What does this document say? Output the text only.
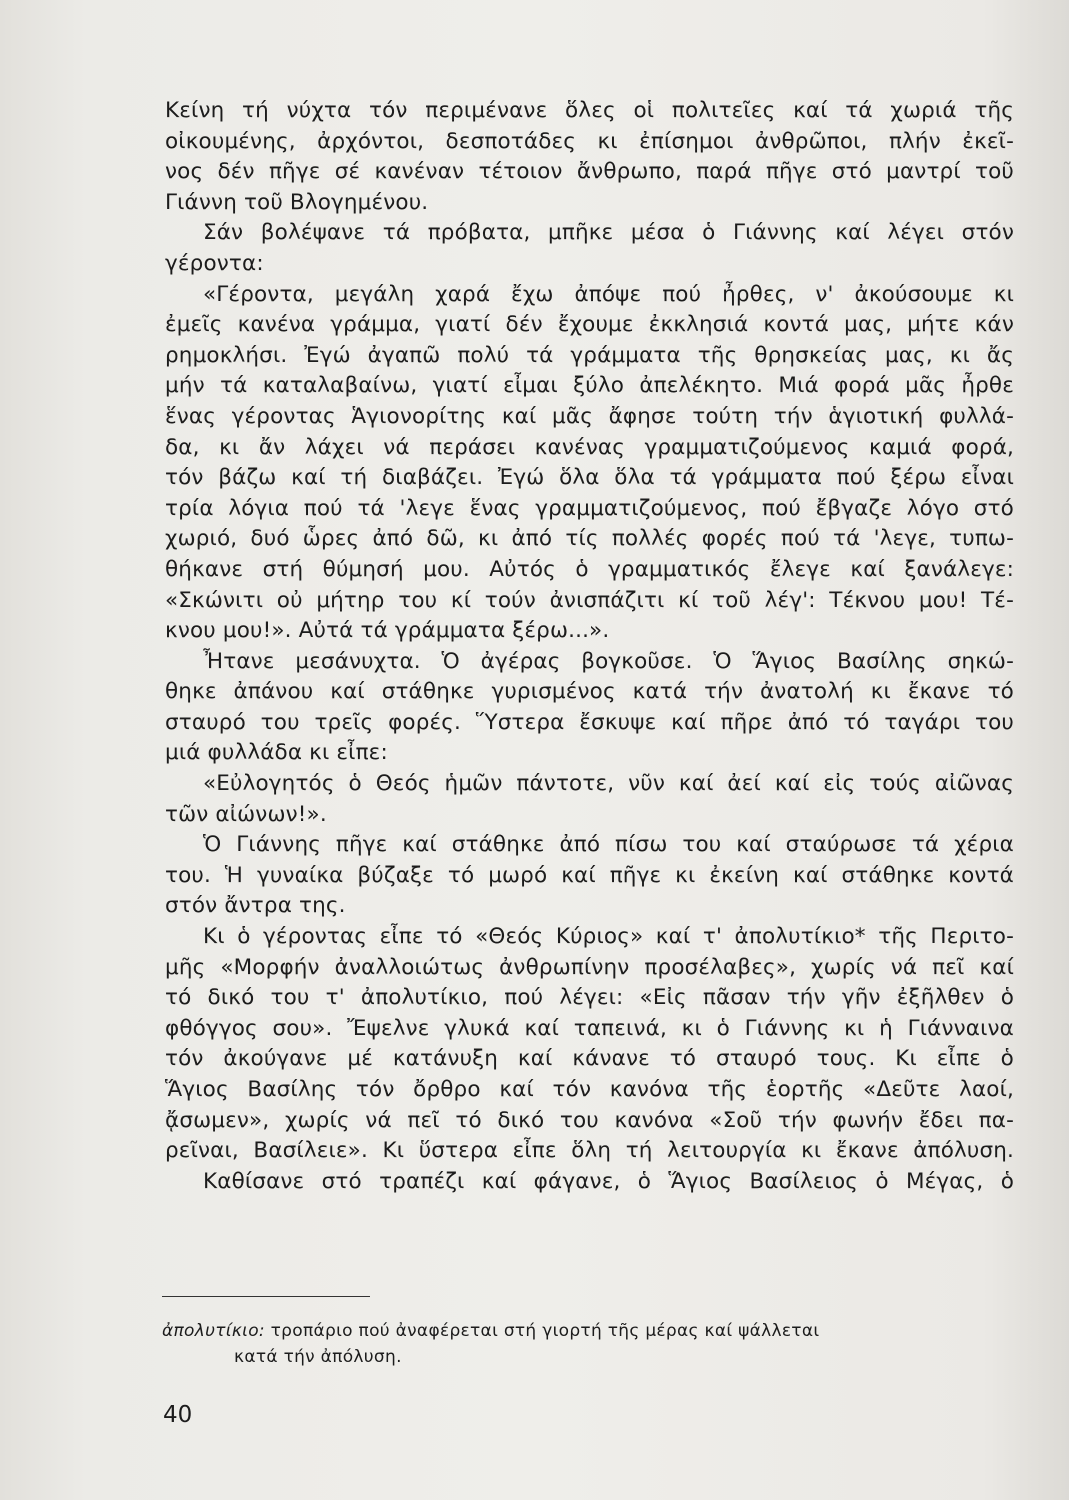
Κείνη τή νύχτα τόν περιμένανε ὅλες οἱ πολιτεῖες καί τά χωριά τῆς
οἰκουμένης, ἀρχόντοι, δεσποτάδες κι ἐπίσημοι ἀνθρῶποι, πλήν ἐκεῖ-
νος δέν πῆγε σέ κανέναν τέτοιον ἄνθρωπο, παρά πῆγε στό μαντρί τοῦ
Γιάννη τοῦ Βλογημένου.
Σάν βολέψανε τά πρόβατα, μπῆκε μέσα ὁ Γιάννης καί λέγει στόν
γέροντα:
«Γέροντα, μεγάλη χαρά ἔχω ἀπόψε πού ἦρθες, ν' ἀκούσουμε κι
ἐμεῖς κανένα γράμμα, γιατί δέν ἔχουμε ἐκκλησιά κοντά μας, μήτε κάν
ρημοκλήσι. Ἐγώ ἀγαπῶ πολύ τά γράμματα τῆς θρησκείας μας, κι ἄς
μήν τά καταλαβαίνω, γιατί εἶμαι ξύλο ἀπελέκητο. Μιά φορά μᾶς ἦρθε
ἕνας γέροντας Ἁγιονορίτης καί μᾶς ἄφησε τούτη τήν ἁγιοτική φυλλά-
δα, κι ἄν λάχει νά περάσει κανένας γραμματιζούμενος καμιά φορά,
τόν βάζω καί τή διαβάζει. Ἐγώ ὅλα ὅλα τά γράμματα πού ξέρω εἶναι
τρία λόγια πού τά 'λεγε ἕνας γραμματιζούμενος, πού ἔβγαζε λόγο στό
χωριό, δυό ὧρες ἀπό δῶ, κι ἀπό τίς πολλές φορές πού τά 'λεγε, τυπω-
θήκανε στή θύμησή μου. Αὐτός ὁ γραμματικός ἔλεγε καί ξανάλεγε:
«Σκώνιτι οὐ μήτηρ του κί τούν ἀνισπάζιτι κί τοῦ λέγ': Τέκνου μου! Τέ-
κνου μου!». Αὐτά τά γράμματα ξέρω...».
Ἦτανε μεσάνυχτα. Ὁ ἀγέρας βογκοῦσε. Ὁ Ἅγιος Βασίλης σηκώ-
θηκε ἀπάνου καί στάθηκε γυρισμένος κατά τήν ἀνατολή κι ἔκανε τό
σταυρό του τρεῖς φορές. Ὕστερα ἔσκυψε καί πῆρε ἀπό τό ταγάρι του
μιά φυλλάδα κι εἶπε:
«Εὐλογητός ὁ Θεός ἡμῶν πάντοτε, νῦν καί ἀεί καί εἰς τούς αἰῶνας
τῶν αἰώνων!».
Ὁ Γιάννης πῆγε καί στάθηκε ἀπό πίσω του καί σταύρωσε τά χέρια
του. Ἡ γυναίκα βύζαξε τό μωρό καί πῆγε κι ἐκείνη καί στάθηκε κοντά
στόν ἄντρα της.
Κι ὁ γέροντας εἶπε τό «Θεός Κύριος» καί τ' ἀπολυτίκιο* τῆς Περιτο-
μῆς «Μορφήν ἀναλλοιώτως ἀνθρωπίνην προσέλαβες», χωρίς νά πεῖ καί
τό δικό του τ' ἀπολυτίκιο, πού λέγει: «Εἰς πᾶσαν τήν γῆν ἐξῆλθεν ὁ
φθόγγος σου». Ἔψελνε γλυκά καί ταπεινά, κι ὁ Γιάννης κι ἡ Γιάνναινα
τόν ἀκούγανε μέ κατάνυξη καί κάνανε τό σταυρό τους. Κι εἶπε ὁ
Ἅγιος Βασίλης τόν ὄρθρο καί τόν κανόνα τῆς ἑορτῆς «Δεῦτε λαοί,
ᾄσωμεν», χωρίς νά πεῖ τό δικό του κανόνα «Σοῦ τήν φωνήν ἔδει πα-
ρεῖναι, Βασίλειε». Κι ὕστερα εἶπε ὅλη τή λειτουργία κι ἔκανε ἀπόλυση.
Καθίσανε στό τραπέζι καί φάγανε, ὁ Ἅγιος Βασίλειος ὁ Μέγας, ὁ
ἀπολυτίκιο: τροπάριο πού ἀναφέρεται στή γιορτή τῆς μέρας καί ψάλλεται
κατά τήν ἀπόλυση.
40
